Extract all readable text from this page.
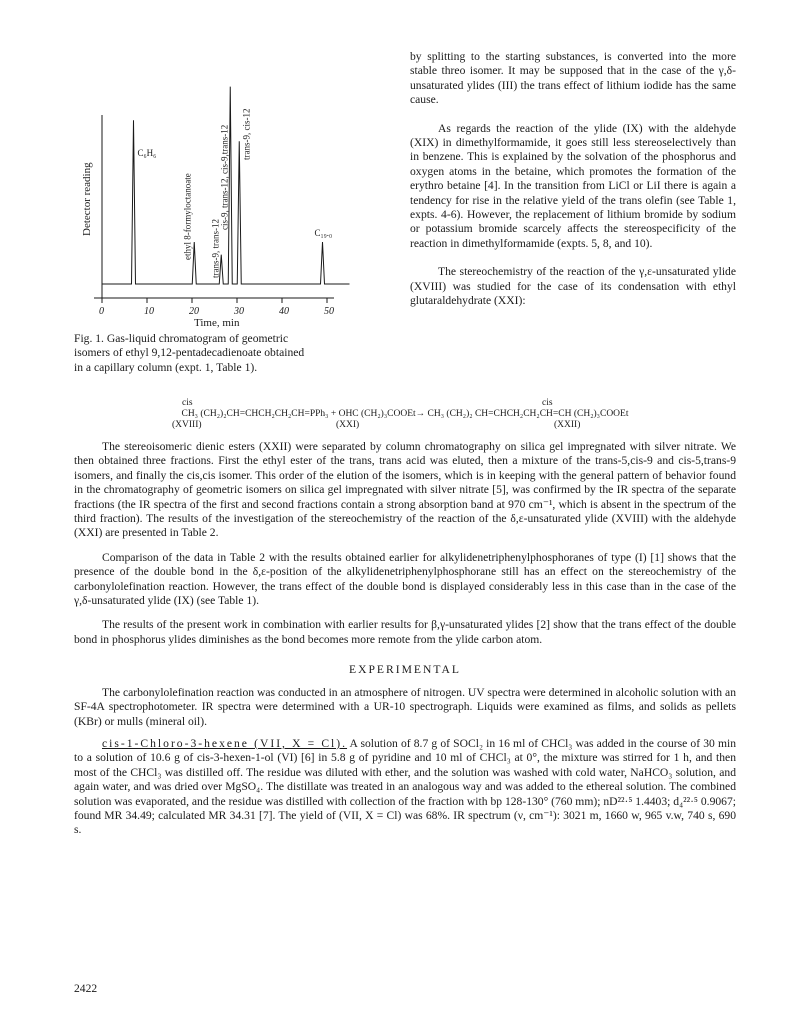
0	10	20	30	40	50
C₆H₆
C₁₉.₀
ethyl 8-formyloctanoate trans-9, trans-12
cis-9, trans-12, cis-9,trans-12 trans-9, cis-12
Detector reading
Time, min
Fig. 1. Gas-liquid chromatogram of geometric
isomers of ethyl 9,12-pentadecadienoate obtained
in a capillary column (expt. 1, Table 1).

by splitting to the starting substances, is converted into the more stable threo isomer. It may be supposed that in the case of the γ,δ-unsaturated ylides (III) the trans effect of lithium iodide has the same cause.

As regards the reaction of the ylide (IX) with the aldehyde (XIX) in dimethylformamide, it goes still less stereoselectively than in benzene. This is explained by the solvation of the phosphorus and oxygen atoms in the betaine, which promotes the formation of the erythro betaine [4]. In the transition from LiCl or LiI there is again a tendency for rise in the relative yield of the trans olefin (see Table 1, expts. 4-6). However, the replacement of lithium bromide by sodium or potassium bromide scarcely affects the stereospecificity of the reaction in dimethylformamide (expts. 5, 8, and 10).

The stereochemistry of the reaction of the γ,ε-unsaturated ylide (XVIII) was studied for the case of its condensation with ethyl glutaraldehydrate (XXI):

cis	cis
CH₃ (CH₂)₂CH=CHCH₂CH₂CH=PPh₃ + OHC (CH₂)₃COOEt→ CH₃ (CH₂)₂ CH=CHCH₂CH₂CH=CH (CH₂)₃COOEt
(XVIII)	(XXI)	(XXII)

The stereoisomeric dienic esters (XXII) were separated by column chromatography on silica gel impregnated with silver nitrate. We then obtained three fractions. First the ethyl ester of the trans, trans acid was eluted, then a mixture of the trans-5,cis-9 and cis-5,trans-9 isomers, and finally the cis,cis isomer. This order of the elution of the isomers, which is in keeping with the general pattern of behavior found in the chromatography of geometric isomers on silica gel impregnated with silver nitrate [5], was confirmed by the IR spectra of the separate fractions (the IR spectra of the first and second fractions contain a strong absorption band at 970 cm⁻¹, which is absent in the spectrum of the third fraction). The results of the investigation of the stereochemistry of the reaction of the δ,ε-unsaturated ylide (XVIII) with the aldehyde (XXI) are presented in Table 2.

Comparison of the data in Table 2 with the results obtained earlier for alkylidenetriphenylphosphoranes of type (I) [1] shows that the presence of the double bond in the δ,ε-position of the alkylidenetriphenylphosphorane still has an effect on the stereochemistry of the carbonylolefination reaction. However, the trans effect of the double bond is displayed considerably less in this case than in the case of the γ,δ-unsaturated ylide (IX) (see Table 1).

The results of the present work in combination with earlier results for β,γ-unsaturated ylides [2] show that the trans effect of the double bond in phosphorus ylides diminishes as the bond becomes more remote from the ylide carbon atom.

EXPERIMENTAL

The carbonylolefination reaction was conducted in an atmosphere of nitrogen. UV spectra were determined in alcoholic solution with an SF-4A spectrophotometer. IR spectra were determined with a UR-10 spectrograph. Liquids were examined as films, and solids as pellets (KBr) or mulls (mineral oil).

cis-1-Chloro-3-hexene (VII, X = Cl). A solution of 8.7 g of SOCl₂ in 16 ml of CHCl₃ was added in the course of 30 min to a solution of 10.6 g of cis-3-hexen-1-ol (VI) [6] in 5.8 g of pyridine and 10 ml of CHCl₃ at 0°, the mixture was stirred for 1 h, and then most of the CHCl₃ was distilled off. The residue was diluted with ether, and the solution was washed with cold water, NaHCO₃ solution, and again water, and was dried over MgSO₄. The distillate was treated in an analogous way and was added to the ethereal solution. The combined solution was evaporated, and the residue was distilled with collection of the fraction with bp 128-130° (760 mm); nD²²·⁵ 1.4403; d₄²²·⁵ 0.9067; found MR 34.49; calculated MR 34.31 [7]. The yield of (VII, X = Cl) was 68%. IR spectrum (ν, cm⁻¹): 3021 m, 1660 w, 965 v.w, 740 s, 690 s.

2422
